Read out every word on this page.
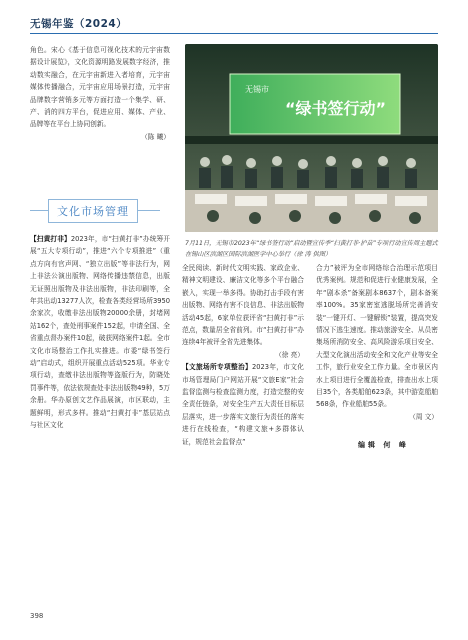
无锡年鉴（2024）

角色。宋心《基于信息可视化技术的元宇宙数据设计展览》，文化资源明路发展数字经济，推动数实融合，在元宇宙新进入者培育，元宇宙媒体传播融合，元宇宙应用场景打造，元宇宙品牌数字营销多元等方面打造一个集学、研、产、消的四方平台，促进应用、媒体、产业、品牌等在平台上协同创新。

（陈 曦）
文化市场管理
无锡市
“绿书签行动”
7月11日，无锡市2023年“绿书签行动”启动暨宣传季“扫黄打非·护苗”专项行动宣传周主题式在锡山区滨湖区国际滨湖医学中心举行（徐 涛 供图）

【扫黄打非】2023年，市“扫黄打非”办统筹开展“五大专项行动”，推进“六个专项推进”（重点方向有官声网、“独立出版”等非法行为，网上非法公演出版物、网络传播违禁信息，出版无证照出版物及非法出版物，非法印刷等，全年共出动13277人次，检查各类经营场所3950余家次，收缴非法出版物20000余册，封堵网站162个，查处刑事案件152起，申请全国、全省重点督办案件10起，破获网络案件1起。全市文化市场整治工作扎实推进。市委“绿书签行动”启动式，组织开展重点活动525项。华业专项行动，查缴非法出版物等盗版行为，防晓处罚事件等，依法依规查处非法出版物49种，5万余册。华办原创文艺作品展演，市区联动，主题鲜明，形式多样。推动“扫黄打非”基层站点与社区文化

全民阅读、新时代文明实践、家政企业、精神文明建设、廉洁文化等多个平台融合嵌入，实现一举多得。协助打击手段有害出版物、网络有害不良信息、非法出版物活动45起，6家单位获评省“扫黄打非”示范点，数量居全省前列。市“扫黄打非”办连续4年被评全省先进集体。

（徐 亮）

【文旅场所专项整治】2023年，市文化市场管理局门户网站开展“文旅E家”社会监督监测与检查监测力度，打造完整的安全责任链条，对安全生产五大责任目标层层落实，进一步落实文旅行为责任的落实进行在线检查，“构建文旅+多群体认证，规范社会监督点”

合力”被评为全市网络综合治理示范项目优秀案例。规范和促进行业健康发展，全年“剧本杀”备案剧本8637个，剧本备案率100%。35家密室逃脱场所完善消安装“一键开灯、一键解锁”装置，提高突发情况下逃生速度。推动旅游安全、从员密集场所消防安全、高风险游乐项目安全、大型文化演出活动安全和文化产业等安全工作，旅行业安全工作力量。全市景区内水上项目进行全覆盖检查，排查出水上项目35个，各类船舶623条，其中游览船舶568条，作业船舶55条。

（周 文）
编辑 何 峰
398
